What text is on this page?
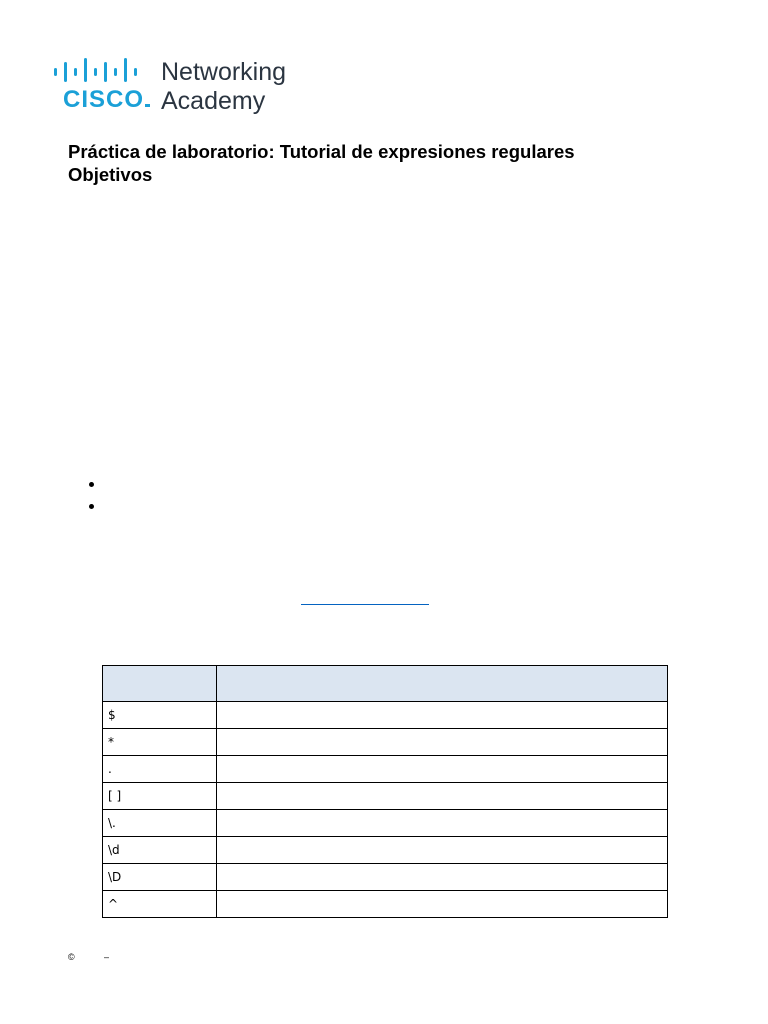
CISCO
Networking
Academy
Práctica de laboratorio: Tutorial de expresiones regulares
Objetivos

$	
*	
.	
[ ]	
\.	
\d	
\D	
^	
©	–
